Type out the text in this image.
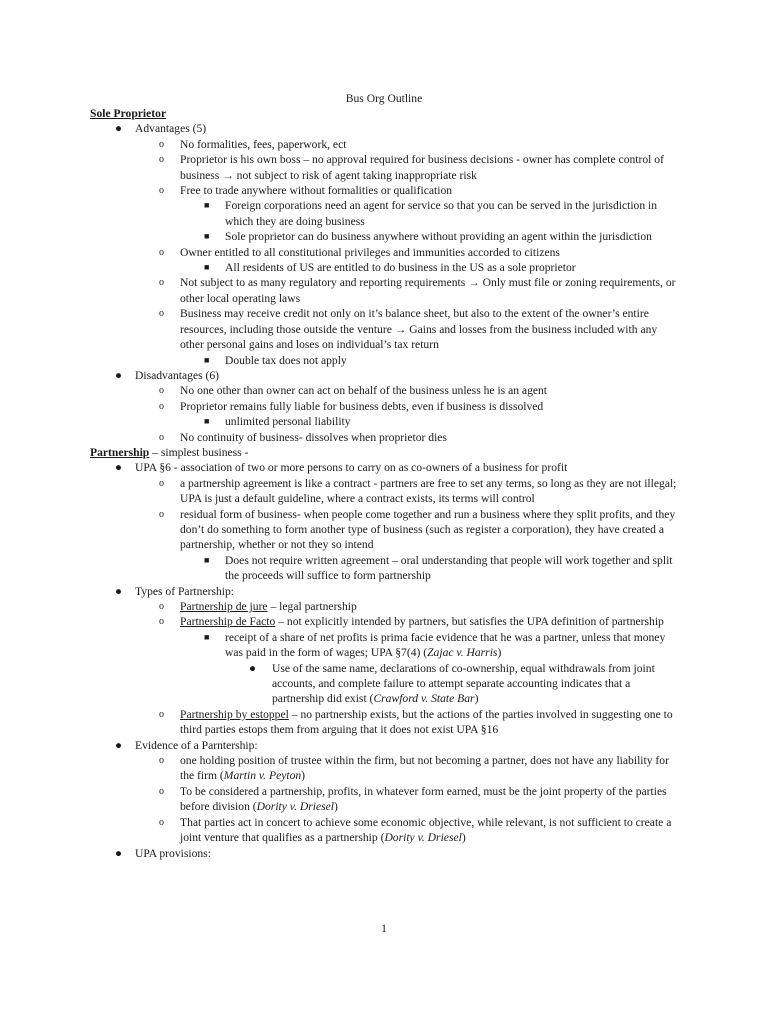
Bus Org Outline
Sole Proprietor
● Advantages (5)
o No formalities, fees, paperwork, ect
o Proprietor is his own boss – no approval required for business decisions - owner has complete control of business → not subject to risk of agent taking inappropriate risk
o Free to trade anywhere without formalities or qualification
■ Foreign corporations need an agent for service so that you can be served in the jurisdiction in which they are doing business
■ Sole proprietor can do business anywhere without providing an agent within the jurisdiction
o Owner entitled to all constitutional privileges and immunities accorded to citizens
■ All residents of US are entitled to do business in the US as a sole proprietor
o Not subject to as many regulatory and reporting requirements → Only must file or zoning requirements, or other local operating laws
o Business may receive credit not only on it’s balance sheet, but also to the extent of the owner’s entire resources, including those outside the venture → Gains and losses from the business included with any other personal gains and loses on individual’s tax return
■ Double tax does not apply
● Disadvantages (6)
o No one other than owner can act on behalf of the business unless he is an agent
o Proprietor remains fully liable for business debts, even if business is dissolved
■ unlimited personal liability
o No continuity of business- dissolves when proprietor dies
Partnership – simplest business -
● UPA §6 - association of two or more persons to carry on as co-owners of a business for profit
o a partnership agreement is like a contract - partners are free to set any terms, so long as they are not illegal; UPA is just a default guideline, where a contract exists, its terms will control
o residual form of business- when people come together and run a business where they split profits, and they don’t do something to form another type of business (such as register a corporation), they have created a partnership, whether or not they so intend
■ Does not require written agreement – oral understanding that people will work together and split the proceeds will suffice to form partnership
● Types of Partnership:
o Partnership de jure – legal partnership
o Partnership de Facto – not explicitly intended by partners, but satisfies the UPA definition of partnership
■ receipt of a share of net profits is prima facie evidence that he was a partner, unless that money was paid in the form of wages; UPA §7(4) (Zajac v. Harris)
● Use of the same name, declarations of co-ownership, equal withdrawals from joint accounts, and complete failure to attempt separate accounting indicates that a partnership did exist (Crawford v. State Bar)
o Partnership by estoppel – no partnership exists, but the actions of the parties involved in suggesting one to third parties estops them from arguing that it does not exist UPA §16
● Evidence of a Parntership:
o one holding position of trustee within the firm, but not becoming a partner, does not have any liability for the firm (Martin v. Peyton)
o To be considered a partnership, profits, in whatever form earned, must be the joint property of the parties before division (Dority v. Driesel)
o That parties act in concert to achieve some economic objective, while relevant, is not sufficient to create a joint venture that qualifies as a partnership (Dority v. Driesel)
● UPA provisions:
1
